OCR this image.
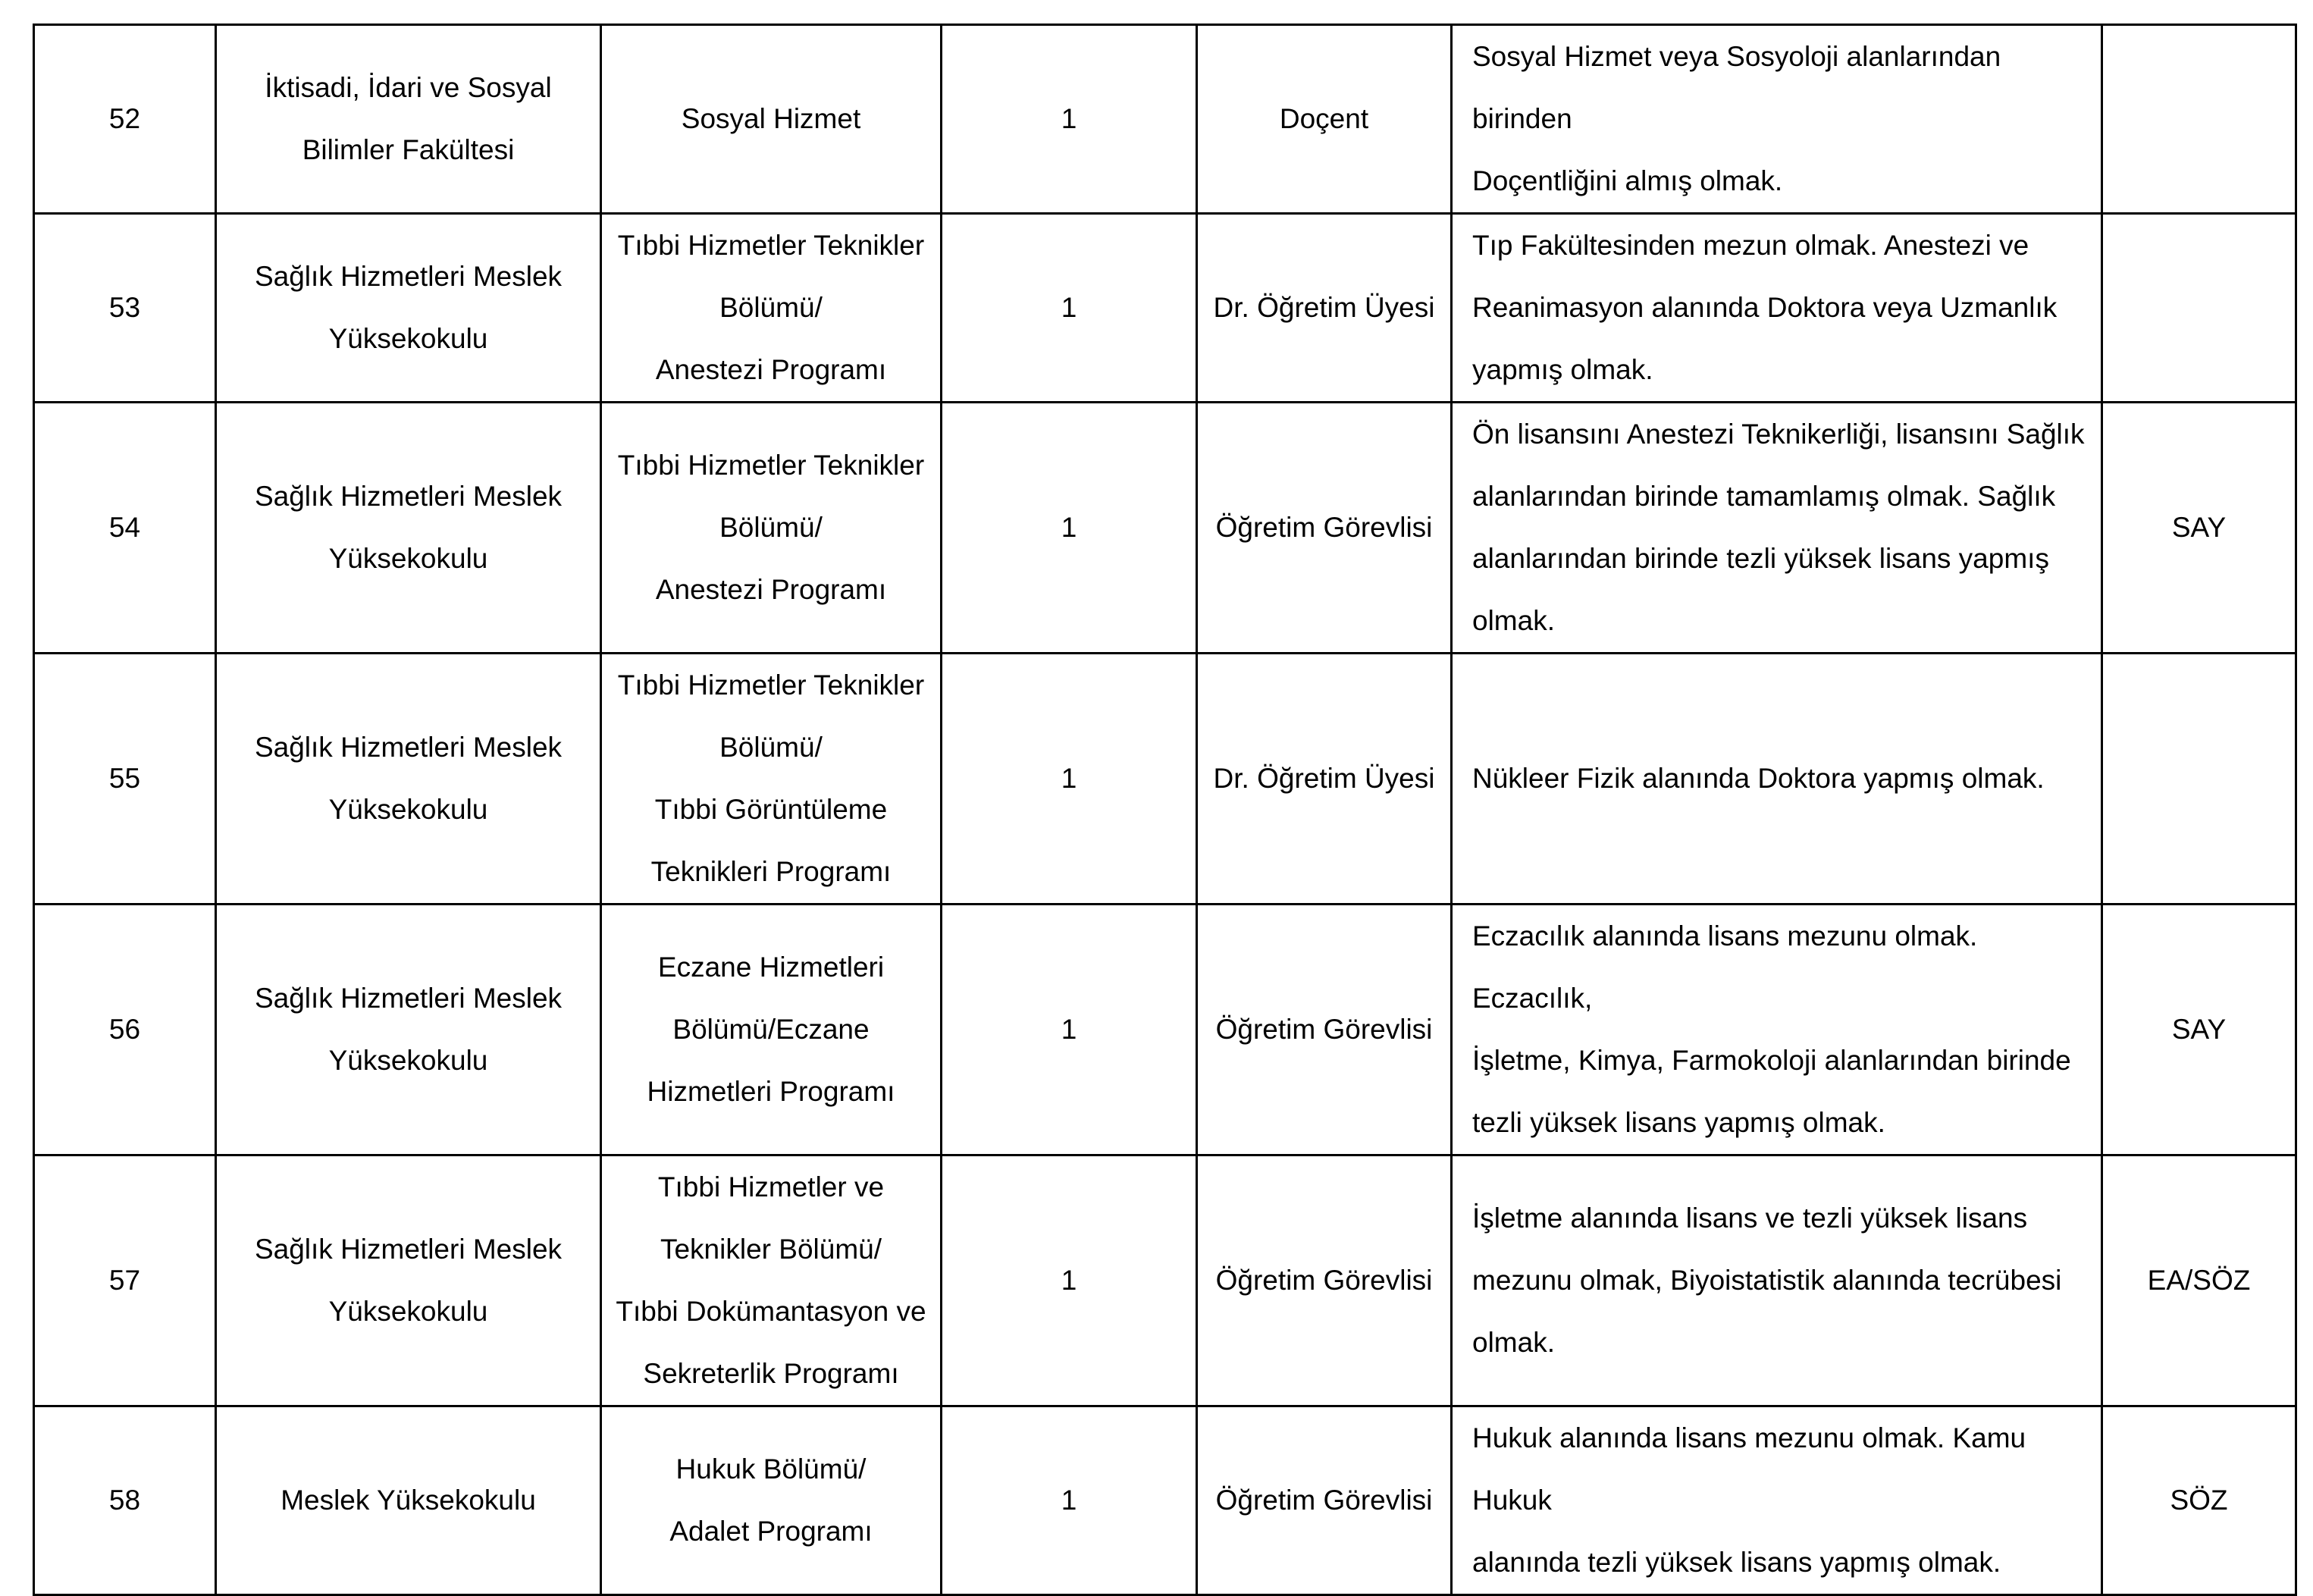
52	İktisadi, İdari ve Sosyal
Bilimler Fakültesi	Sosyal Hizmet	1	Doçent	Sosyal Hizmet veya Sosyoloji alanlarından birinden
Doçentliğini almış olmak.	

53	Sağlık Hizmetleri Meslek
Yüksekokulu	Tıbbi Hizmetler Teknikler
Bölümü/
Anestezi Programı	1	Dr. Öğretim Üyesi	Tıp Fakültesinden mezun olmak. Anestezi ve
Reanimasyon alanında Doktora veya Uzmanlık
yapmış olmak.	

54	Sağlık Hizmetleri Meslek
Yüksekokulu	Tıbbi Hizmetler Teknikler
Bölümü/
Anestezi Programı	1	Öğretim Görevlisi	Ön lisansını Anestezi Teknikerliği, lisansını Sağlık
alanlarından birinde tamamlamış olmak. Sağlık
alanlarından birinde tezli yüksek lisans yapmış
olmak.	SAY
55	Sağlık Hizmetleri Meslek
Yüksekokulu	Tıbbi Hizmetler Teknikler
Bölümü/
Tıbbi Görüntüleme
Teknikleri Programı	1	Dr. Öğretim Üyesi	Nükleer Fizik alanında Doktora yapmış olmak.	

56	Sağlık Hizmetleri Meslek
Yüksekokulu	Eczane Hizmetleri
Bölümü/Eczane
Hizmetleri Programı	1	Öğretim Görevlisi	Eczacılık alanında lisans mezunu olmak. Eczacılık,
İşletme, Kimya, Farmokoloji alanlarından birinde
tezli yüksek lisans yapmış olmak.	SAY
57	Sağlık Hizmetleri Meslek
Yüksekokulu	Tıbbi Hizmetler ve
Teknikler Bölümü/
Tıbbi Dokümantasyon ve
Sekreterlik Programı	1	Öğretim Görevlisi	İşletme alanında lisans ve tezli yüksek lisans
mezunu olmak, Biyoistatistik alanında tecrübesi
olmak.	EA/SÖZ
58	Meslek Yüksekokulu	Hukuk Bölümü/
Adalet Programı	1	Öğretim Görevlisi	Hukuk alanında lisans mezunu olmak. Kamu Hukuk
alanında tezli yüksek lisans yapmış olmak.	SÖZ
